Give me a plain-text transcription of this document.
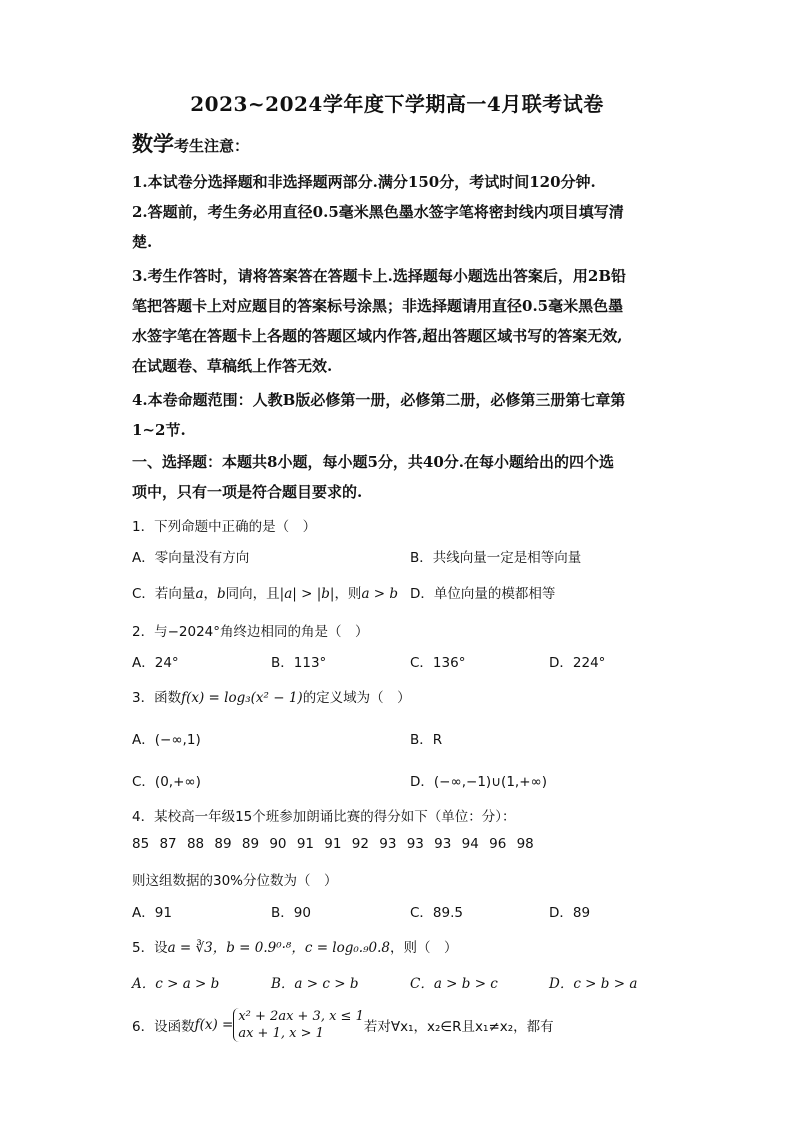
2023~2024学年度下学期高一4月联考试卷
数学考生注意：
1.本试卷分选择题和非选择题两部分.满分150分，考试时间120分钟.
2.答题前，考生务必用直径0.5毫米黑色墨水签字笔将密封线内项目填写清
楚.
3.考生作答时，请将答案答在答题卡上.选择题每小题选出答案后，用2B铅
笔把答题卡上对应题目的答案标号涂黑；非选择题请用直径0.5毫米黑色墨
水签字笔在答题卡上各题的答题区域内作答,超出答题区域书写的答案无效,
在试题卷、草稿纸上作答无效.
4.本卷命题范围：人教B版必修第一册，必修第二册，必修第三册第七章第
1~2节.
一、选择题：本题共8小题，每小题5分，共40分.在每小题给出的四个选
项中，只有一项是符合题目要求的.
1．下列命题中正确的是（　）
A．零向量没有方向	B．共线向量一定是相等向量
C．若向量a，b同向，且|a| > |b|，则a > b D．单位向量的模都相等
2．与−2024°角终边相同的角是（　）
A．24°	B．113°	C．136°	D．224°
3．函数f(x) = log₃(x² − 1)的定义域为（　）
A．(−∞,1)	B．R
C．(0,+∞)	D．(−∞,−1)∪(1,+∞)
4．某校高一年级15个班参加朗诵比赛的得分如下（单位：分）：
85 87 88 89 89 90 91 91 92 93 93 93 94 96 98
则这组数据的30%分位数为（　）
A．91	B．90	C．89.5	D．89
5．设a = ∛3，b = 0.9⁰·⁸，c = log₀.₉0.8，则（　）
A．c > a > b	B．a > c > b	C．a > b > c	D．c > b > a
6．设函数f(x) =
x² + 2ax + 3, x ≤ 1
ax + 1, x > 1	若对∀x₁，x₂∈R且x₁≠x₂，都有
